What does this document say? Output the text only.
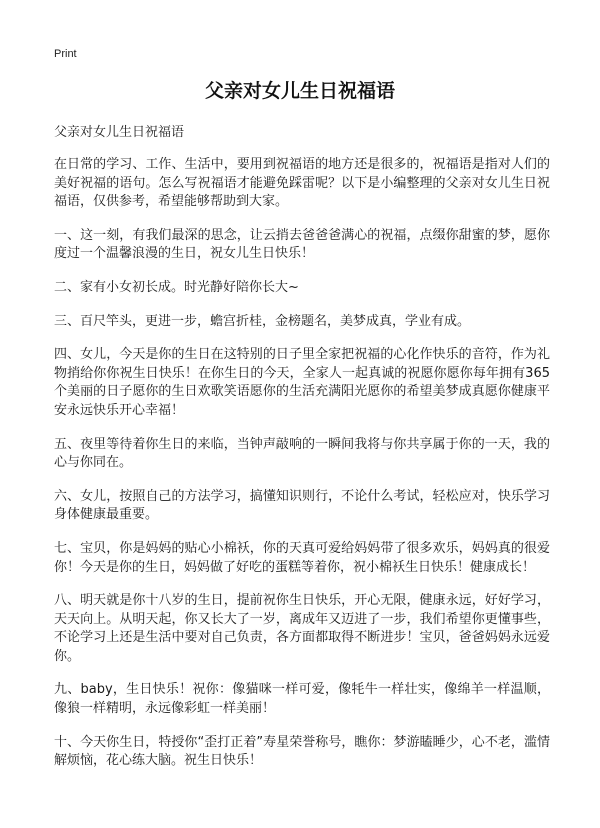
Print
父亲对女儿生日祝福语
父亲对女儿生日祝福语

在日常的学习、工作、生活中，要用到祝福语的地方还是很多的，祝福语是指对人们的美好祝福的语句。怎么写祝福语才能避免踩雷呢？以下是小编整理的父亲对女儿生日祝福语，仅供参考，希望能够帮助到大家。

一、这一刻，有我们最深的思念，让云捎去爸爸爸满心的祝福，点缀你甜蜜的梦，愿你度过一个温馨浪漫的生日，祝女儿生日快乐！

二、家有小女初长成。时光静好陪你长大~

三、百尺竿头，更进一步，蟾宫折桂，金榜题名，美梦成真，学业有成。

四、女儿，今天是你的生日在这特别的日子里全家把祝福的心化作快乐的音符，作为礼物捎给你你祝生日快乐！在你生日的今天，全家人一起真诚的祝愿你愿你每年拥有365个美丽的日子愿你的生日欢歌笑语愿你的生活充满阳光愿你的希望美梦成真愿你健康平安永远快乐开心幸福！

五、夜里等待着你生日的来临，当钟声敲响的一瞬间我将与你共享属于你的一天，我的心与你同在。

六、女儿，按照自己的方法学习，搞懂知识则行，不论什么考试，轻松应对，快乐学习身体健康最重要。

七、宝贝，你是妈妈的贴心小棉袄，你的天真可爱给妈妈带了很多欢乐，妈妈真的很爱你！今天是你的生日，妈妈做了好吃的蛋糕等着你，祝小棉袄生日快乐！健康成长！

八、明天就是你十八岁的生日，提前祝你生日快乐，开心无限，健康永远，好好学习，天天向上。从明天起，你又长大了一岁，离成年又迈进了一步，我们希望你更懂事些，不论学习上还是生活中要对自己负责，各方面都取得不断进步！宝贝，爸爸妈妈永远爱你。

九、baby，生日快乐！祝你：像猫咪一样可爱，像牦牛一样壮实，像绵羊一样温顺，像狼一样精明，永远像彩虹一样美丽！

十、今天你生日，特授你“歪打正着”寿星荣誉称号，瞧你：梦游瞌睡少，心不老，滥情解烦恼，花心练大脑。祝生日快乐！
